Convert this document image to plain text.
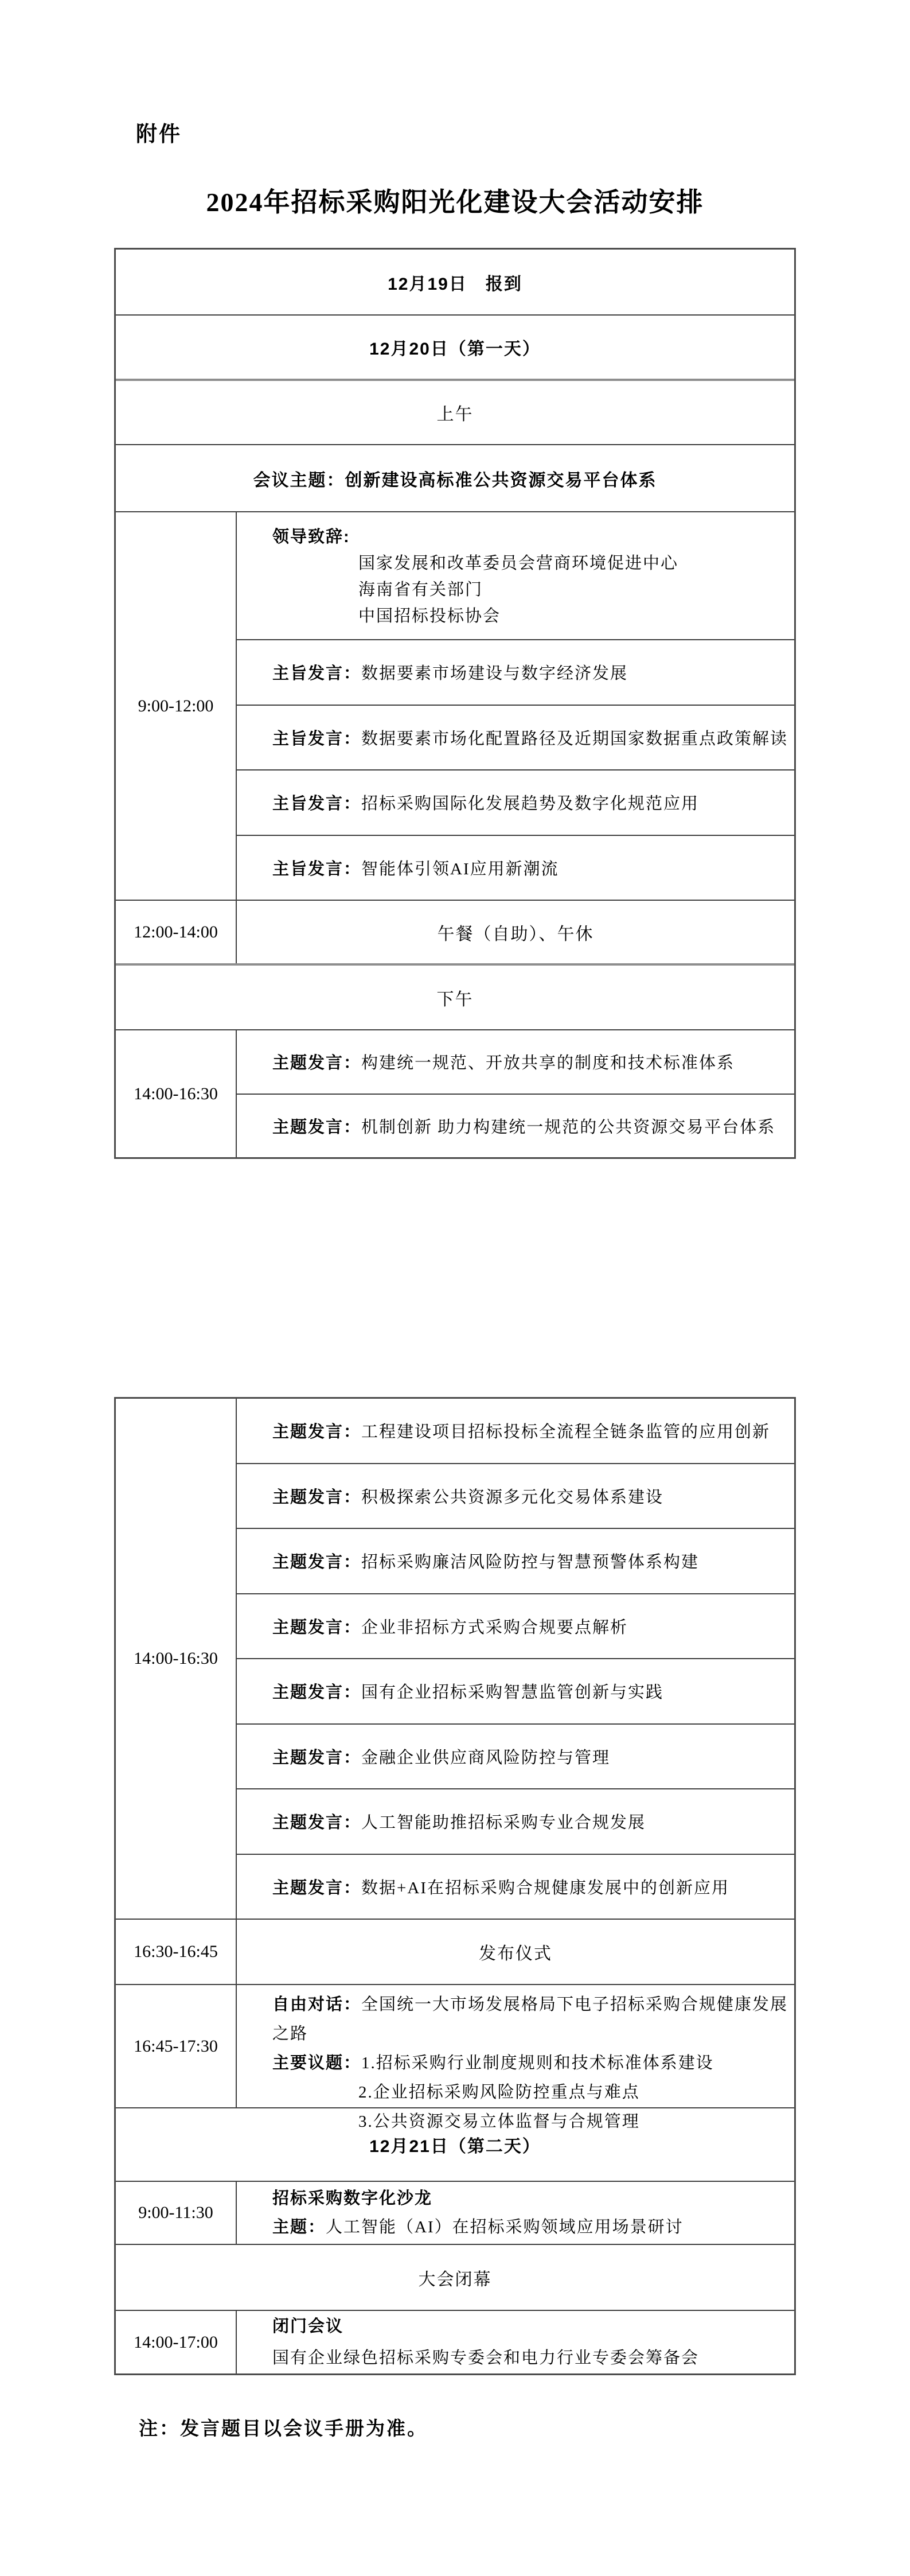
附件
2024年招标采购阳光化建设大会活动安排
12月19日　报到
12月20日（第一天）
上午
会议主题：创新建设高标准公共资源交易平台体系
9:00-12:00
领导致辞:
国家发展和改革委员会营商环境促进中心
海南省有关部门
中国招标投标协会
主旨发言： 数据要素市场建设与数字经济发展
主旨发言： 数据要素市场化配置路径及近期国家数据重点政策解读
主旨发言： 招标采购国际化发展趋势及数字化规范应用
主旨发言： 智能体引领AI应用新潮流
12:00-14:00	午餐（自助）、午休
下午
14:00-16:30
主题发言： 构建统一规范、开放共享的制度和技术标准体系
主题发言： 机制创新 助力构建统一规范的公共资源交易平台体系
14:00-16:30
主题发言： 工程建设项目招标投标全流程全链条监管的应用创新
主题发言： 积极探索公共资源多元化交易体系建设
主题发言： 招标采购廉洁风险防控与智慧预警体系构建
主题发言： 企业非招标方式采购合规要点解析
主题发言： 国有企业招标采购智慧监管创新与实践
主题发言： 金融企业供应商风险防控与管理
主题发言： 人工智能助推招标采购专业合规发展
主题发言： 数据+AI在招标采购合规健康发展中的创新应用
16:30-16:45	发布仪式
16:45-17:30
自由对话：全国统一大市场发展格局下电子招标采购合规健康发展之路
主要议题：1.招标采购行业制度规则和技术标准体系建设
2.企业招标采购风险防控重点与难点
3.公共资源交易立体监督与合规管理
12月21日（第二天）
9:00-11:30
招标采购数字化沙龙
主题：人工智能（AI）在招标采购领域应用场景研讨
大会闭幕
14:00-17:00
闭门会议
国有企业绿色招标采购专委会和电力行业专委会筹备会
注：发言题目以会议手册为准。
